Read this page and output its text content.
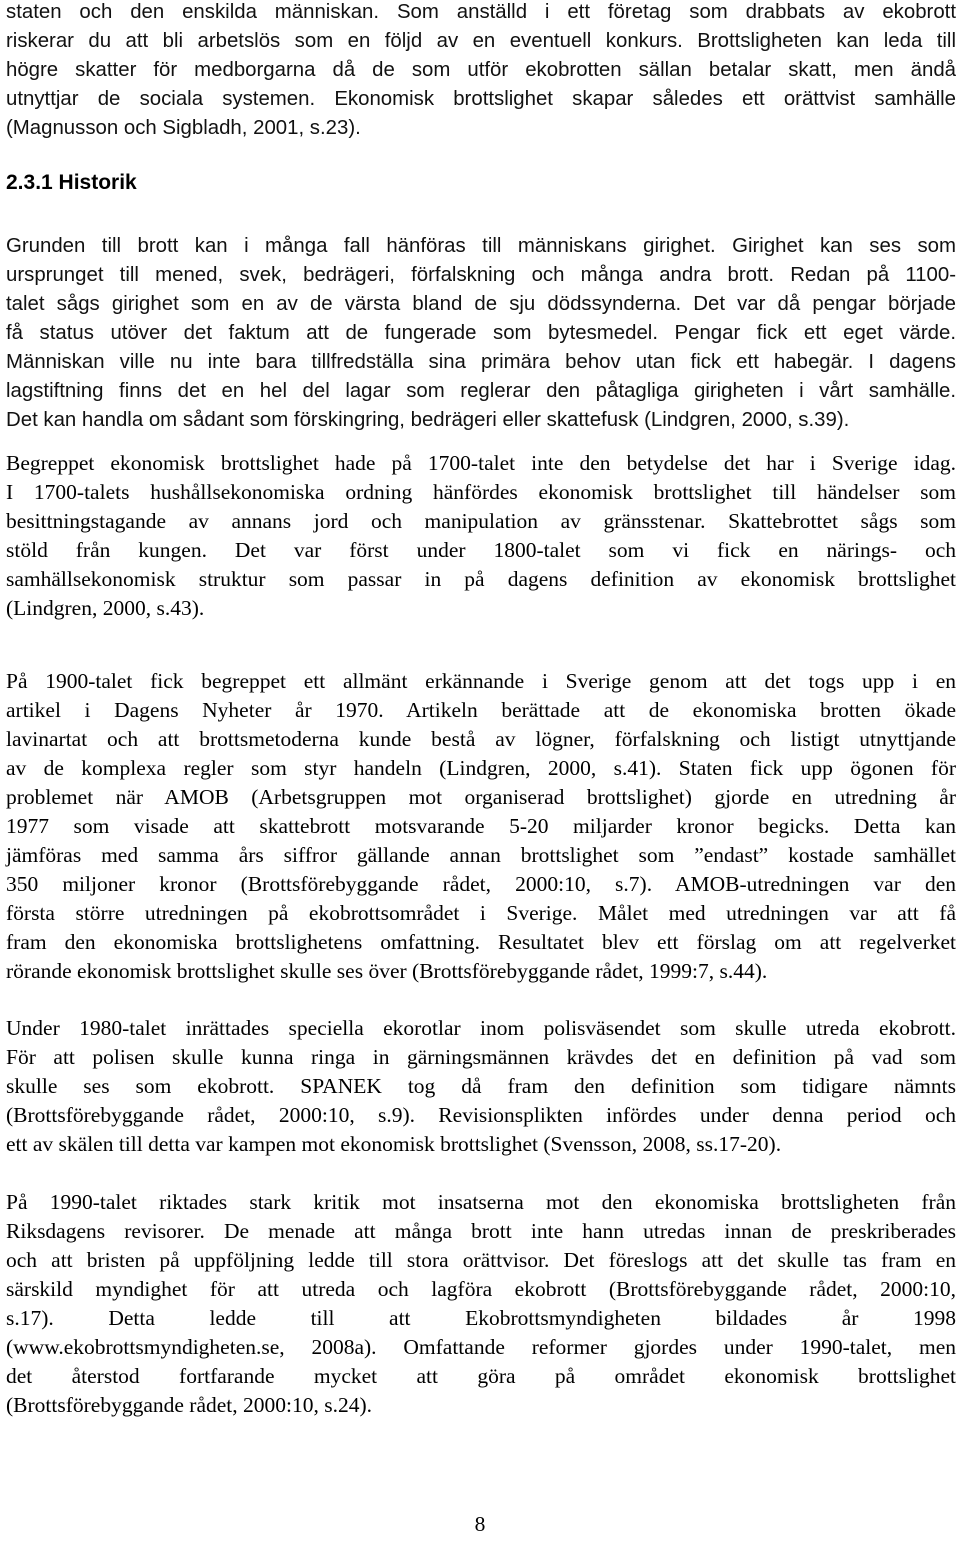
staten och den enskilda människan. Som anställd i ett företag som drabbats av ekobrott
riskerar du att bli arbetslös som en följd av en eventuell konkurs. Brottsligheten kan leda till
högre skatter för medborgarna då de som utför ekobrotten sällan betalar skatt, men ändå
utnyttjar de sociala systemen. Ekonomisk brottslighet skapar således ett orättvist samhälle
(Magnusson och Sigbladh, 2001, s.23).
2.3.1 Historik
Grunden till brott kan i många fall hänföras till människans girighet. Girighet kan ses som
ursprunget till mened, svek, bedrägeri, förfalskning och många andra brott. Redan på 1100-
talet sågs girighet som en av de värsta bland de sju dödssynderna. Det var då pengar började
få status utöver det faktum att de fungerade som bytesmedel. Pengar fick ett eget värde.
Människan ville nu inte bara tillfredställa sina primära behov utan fick ett habegär. I dagens
lagstiftning finns det en hel del lagar som reglerar den påtagliga girigheten i vårt samhälle.
Det kan handla om sådant som förskingring, bedrägeri eller skattefusk (Lindgren, 2000, s.39).
Begreppet ekonomisk brottslighet hade på 1700-talet inte den betydelse det har i Sverige idag.
I 1700-talets hushållsekonomiska ordning hänfördes ekonomisk brottslighet till händelser som
besittningstagande av annans jord och manipulation av gränsstenar. Skattebrottet sågs som
stöld från kungen. Det var först under 1800-talet som vi fick en närings- och
samhällsekonomisk struktur som passar in på dagens definition av ekonomisk brottslighet
(Lindgren, 2000, s.43).
På 1900-talet fick begreppet ett allmänt erkännande i Sverige genom att det togs upp i en
artikel i Dagens Nyheter år 1970. Artikeln berättade att de ekonomiska brotten ökade
lavinartat och att brottsmetoderna kunde bestå av lögner, förfalskning och listigt utnyttjande
av de komplexa regler som styr handeln (Lindgren, 2000, s.41). Staten fick upp ögonen för
problemet när AMOB (Arbetsgruppen mot organiserad brottslighet) gjorde en utredning år
1977 som visade att skattebrott motsvarande 5-20 miljarder kronor begicks. Detta kan
jämföras med samma års siffror gällande annan brottslighet som ”endast” kostade samhället
350 miljoner kronor (Brottsförebyggande rådet, 2000:10, s.7). AMOB-utredningen var den
första större utredningen på ekobrottsområdet i Sverige. Målet med utredningen var att få
fram den ekonomiska brottslighetens omfattning. Resultatet blev ett förslag om att regelverket
rörande ekonomisk brottslighet skulle ses över (Brottsförebyggande rådet, 1999:7, s.44).
Under 1980-talet inrättades speciella ekorotlar inom polisväsendet som skulle utreda ekobrott.
För att polisen skulle kunna ringa in gärningsmännen krävdes det en definition på vad som
skulle ses som ekobrott. SPANEK tog då fram den definition som tidigare nämnts
(Brottsförebyggande rådet, 2000:10, s.9). Revisionsplikten infördes under denna period och
ett av skälen till detta var kampen mot ekonomisk brottslighet (Svensson, 2008, ss.17-20).
På 1990-talet riktades stark kritik mot insatserna mot den ekonomiska brottsligheten från
Riksdagens revisorer. De menade att många brott inte hann utredas innan de preskriberades
och att bristen på uppföljning ledde till stora orättvisor. Det föreslogs att det skulle tas fram en
särskild myndighet för att utreda och lagföra ekobrott (Brottsförebyggande rådet, 2000:10,
s.17). Detta ledde till att Ekobrottsmyndigheten bildades år 1998
(www.ekobrottsmyndigheten.se, 2008a). Omfattande reformer gjordes under 1990-talet, men
det återstod fortfarande mycket att göra på området ekonomisk brottslighet
(Brottsförebyggande rådet, 2000:10, s.24).
8
